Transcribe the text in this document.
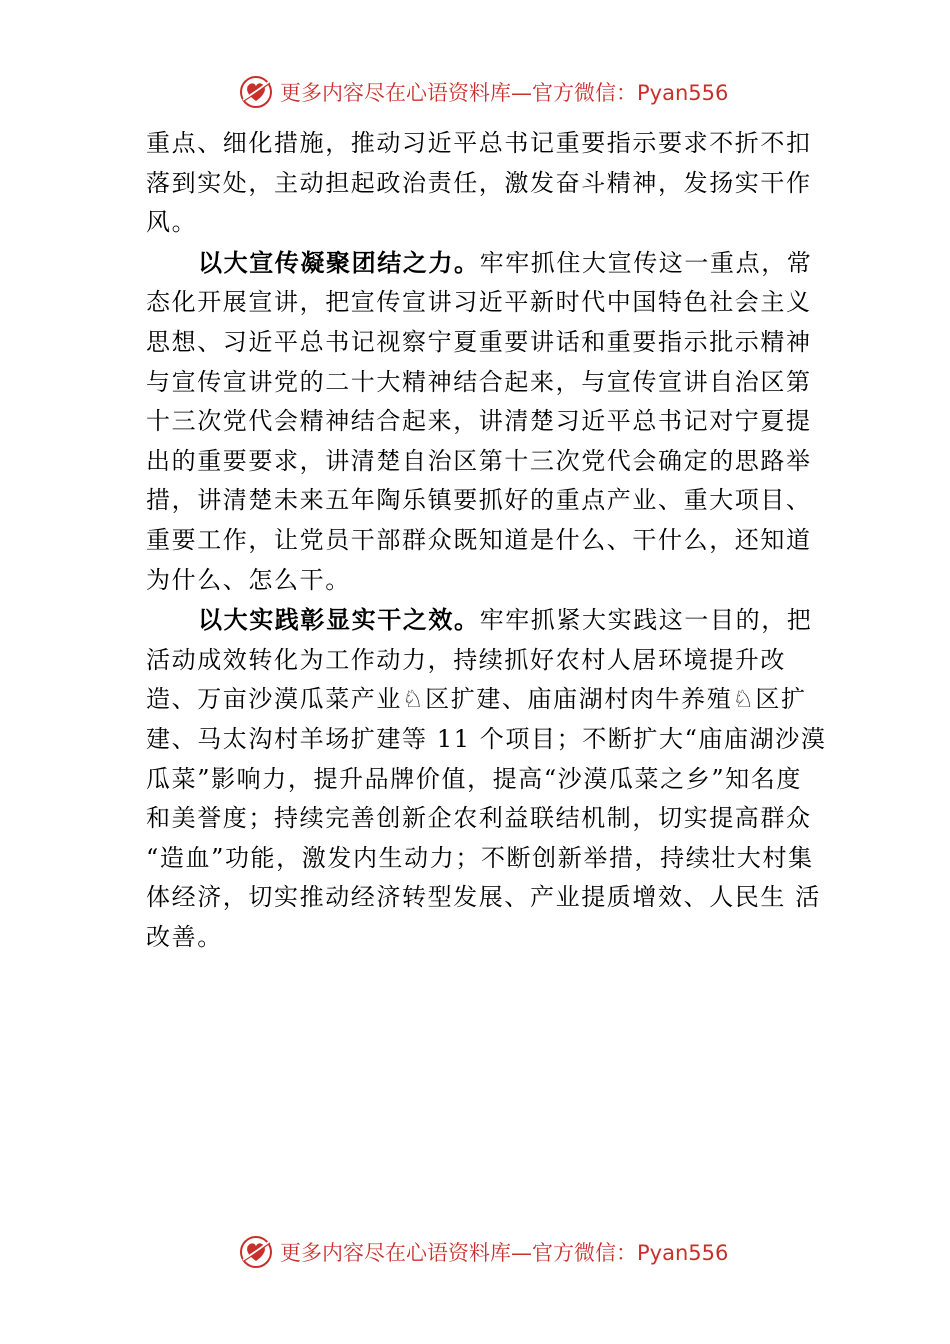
更多内容尽在心语资料库—官方微信：Pyan556

重点、细化措施，推动习近平总书记重要指示要求不折不扣落到实处，主动担起政治责任，激发奋斗精神，发扬实干作风。

以大宣传凝聚团结之力。牢牢抓住大宣传这一重点，常态化开展宣讲，把宣传宣讲习近平新时代中国特色社会主义思想、习近平总书记视察宁夏重要讲话和重要指示批示精神与宣传宣讲党的二十大精神结合起来，与宣传宣讲自治区第十三次党代会精神结合起来，讲清楚习近平总书记对宁夏提出的重要要求，讲清楚自治区第十三次党代会确定的思路举措，讲清楚未来五年陶乐镇要抓好的重点产业、重大项目、 重要工作，让党员干部群众既知道是什么、干什么，还知道为什么、怎么干。

以大实践彰显实干之效。牢牢抓紧大实践这一目的，把活动成效转化为工作动力，持续抓好农村人居环境提升改造、万亩沙漠瓜菜产业♘区扩建、庙庙湖村肉牛养殖♘区扩建、马太沟村羊场扩建等 11 个项目；不断扩大“庙庙湖沙漠瓜菜”影响力，提升品牌价值，提高“沙漠瓜菜之乡”知名度 和美誉度；持续完善创新企农利益联结机制，切实提高群众 “造血”功能，激发内生动力；不断创新举措，持续壮大村集体经济，切实推动经济转型发展、产业提质增效、人民生 活改善。

更多内容尽在心语资料库—官方微信：Pyan556
